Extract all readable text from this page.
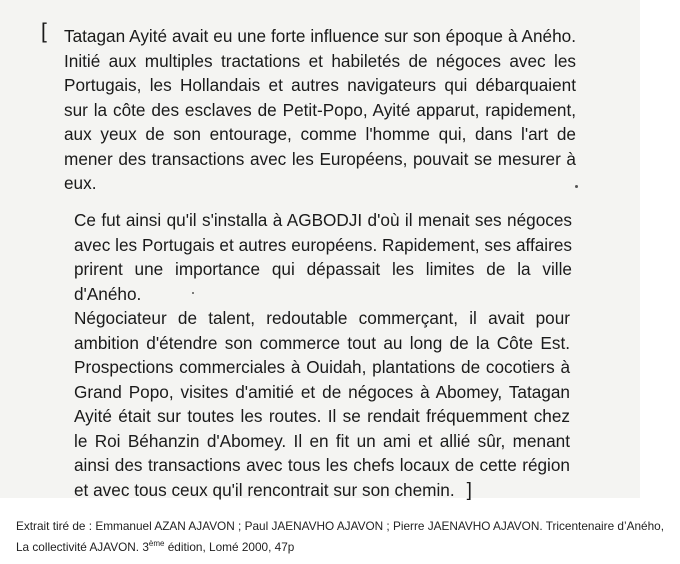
[ Tatagan Ayité avait eu une forte influence sur son époque à Aného. Initié aux multiples tractations et habiletés de négoces avec les Portugais, les Hollandais et autres navigateurs qui débarquaient sur la côte des esclaves de Petit-Popo, Ayité apparut, rapidement, aux yeux de son entourage, comme l'homme qui, dans l'art de mener des transactions avec les Européens, pouvait se mesurer à eux.

Ce fut ainsi qu'il s'installa à AGBODJI d'où il menait ses négoces avec les Portugais et autres européens. Rapidement, ses affaires prirent une importance qui dépassait les limites de la ville d'Aného.

Négociateur de talent, redoutable commerçant, il avait pour ambition d'étendre son commerce tout au long de la Côte Est. Prospections commerciales à Ouidah, plantations de cocotiers à Grand Popo, visites d'amitié et de négoces à Abomey, Tatagan Ayité était sur toutes les routes. Il se rendait fréquemment chez le Roi Béhanzin d'Abomey. Il en fit un ami et allié sûr, menant ainsi des transactions avec tous les chefs locaux de cette région et avec tous ceux qu'il rencontrait sur son chemin. ]

Extrait tiré de : Emmanuel AZAN AJAVON ; Paul JAENAVHO AJAVON ; Pierre JAENAVHO AJAVON. Tricentenaire d’Aného, La collectivité AJAVON. 3ème édition, Lomé 2000, 47p
